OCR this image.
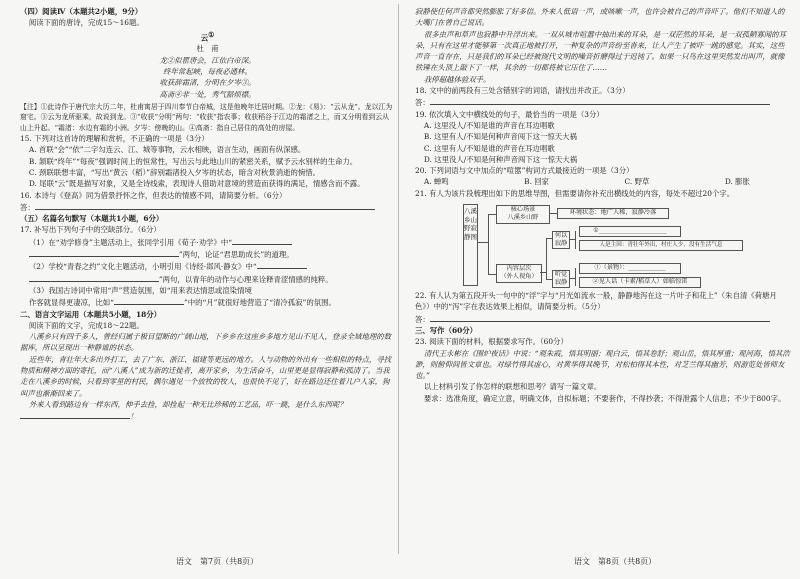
（四）阅读Ⅳ（本题共2小题，9分）

阅读下面的唐诗，完成15～16题。

云①

杜　甫

龙②似瞿唐会，江依白帝深。

终年常起峡，每夜必通林。

收获辞霜渚，分明在夕岑③。

高斋④非一处，秀气豁烦襟。

【注】①此诗作于唐代宗大历二年，杜甫寓居于四川奉节白帝城，这是他晚年迁居时期。②龙：《易》：“云从龙”。龙以江为窟宅。③云为龙所驱乘，故说到龙。③“收获”分明“两句：“收获”指农事；收获稻谷于江边的霜渚之上，而又分明看到云从山上升起。“霜渚：水边有霜的小洲。夕岑：傍晚的山。④高斋：指自己居住的高处的房屋。

15. 下列对这首诗的理解和赏析，不正确的一项是（3分）

A. 首联“会”“依”二字勾连云、江、城等事物，云水相映，语言生动，画面有纵深感。

B. 颔联“终年”“每夜”强调时间上的恒常性，写出云与此地山川的紧密关系，赋予云水别样的生命力。

C. 颈联联想丰富，“写出“黄云（稻）”辞别霜渚投入夕岑的状态，暗含对秋景消逝的惋惜。

D. 尾联“云”既是描写对象，又是全诗线索，表现诗人借助对意境的营造而获得的满足，情感含而不露。

16. 本诗与《登高》同为借景抒怀之作，但表达的情感不同，请简要分析。（6分）

答：

（五）名篇名句默写（本题共1小题，6分）

17. 补写出下列句子中的空缺部分。（6分）

（1）在“劝学修身”主题活动上，张同学引用《荀子·劝学》中“

”两句，论证“君思助成长”的道理。

（2）学校“青春之约”文化主题活动，小明引用《诗经·邶风·静女》中“

”两句，以青年的动作与心理来诠释青涩情感的纯粹。

（3）我国古诗词中常用“声”营造氛围，如“用来表达情思或渲染情境

作客就显得更凄凉，比如“	”中的“月”就很好地营造了“清冷孤寂”的氛围。

二、语言文字运用（本题共5小题，18分）

阅读下面的文字，完成18～22题。

八溪乡只有四千多人，曾经归属于极目望断的广阔山地，下乡乡在这座乡多地方见山不见人，登录全域地理的数据库，所以呈现出一种静谧的状态。

近些年，青壮年大多出外打工，去了广东、浙江、福建等更远的地方。人与动物的外出有一些相似的特点，寻找物质和精神方面的寄托，而“八溪人”成为新的迁徙者，离开家乡，为生活奋斗，山里更是显得寂静和孤清了。当我走在八溪乡的时候，只看到零星的村民，偶尔遇见一个放牧的牧人，也很快不见了，好在路边还住着几户人家，狗叫声也渐渐回来了。

外来人看到路边有一样东西，伸手去捡，却捡起一种无比珍稀的工艺品，吓一跳，是什么东西呢？！

寂静使任何声音都突然膨胀了好多倍。外来人低语一声，或咳嗽一声，也许会被自己的声音吓了。他们不知道人的大嘴门在曾自己说话。

很多虫声和草声也寂静中升浮出来。一双从城市喧嚣中抽出来的耳朵，是一双茫然的耳朵，是一双孤陋寡闻的耳朵，只有在这里才能够第一次真正地被打开，一种复杂的声音纷至沓来，让人产生了被吓一跳的感觉。其实，这些声音一直存在，只是我们的耳朵已经被现代文明的噪音折磨得过于迟钝了。如果一只鸟在这里突然发出叫声，就像铁锤在头顶上敲下了一样，其余的一切都将被它压住了……

我停超越体验双手。

18. 文中的前两段有三处含错别字的词语，请找出并改正。（3分）

答：

19. 依次填入文中横线处的句子，最恰当的一项是（3分）

A. 这里没人/不知是谁的声音在耳边唱歌

B. 这里有人/不知是何种声音闯下这一惊天大祸

C. 这里有人/不知是谁的声音在耳边唱歌

D. 这里没人/不知是何种声音闯下这一惊天大祸

20. 下列词语与文中加点的“喧嚣”构词方式最接近的一项是（3分）

A. 蝉鸣	B. 回家	C. 野草	D. 膨胀

21. 有人为该片段梳理出如下的思维导图，但需要请你补充出横线处的内容，每处不超过20个字。

八溪乡山野寂静图
核心场景
八溪乡山野
环境状态：地广人稀，寂静冷落
内容层次
（外人视角）
何以寂静
听觉
寂静
①______________________
人是主因：青壮年外出，村庄人少，没有生活气息
①（景物）：____________
②见人话（卡素/稻草人）如临惊雷

22. 有人认为第五段开头一句中的“浮”字与“月光如流水一般，静静地泻在这一片叶子和花上”（朱自清《荷塘月色》）中的“泻”字在表达效果上相似，请简要分析。（5分）

答：

三、写作（60分）

23. 阅读下面的材料，根据要求写作。（60分）

清代王永彬在《围炉夜话》中说：“观朱霞，悟其明丽；观白云，悟其卷舒；观山岳，悟其厚重；观河海，悟其浩渺，则俯仰间皆文章也。对绿竹得其虚心，对黄华得其晚节，对松柏得其本性，对芝兰得其幽芳，则游览处皆师友也。”

以上材料引发了你怎样的联想和思考？请写一篇文章。

要求：选准角度，确定立意，明确文体，自拟标题；不要套作，不得抄袭；不得泄露个人信息；不少于800字。

语文　第7页（共8页）	语文　第8页（共8页）
